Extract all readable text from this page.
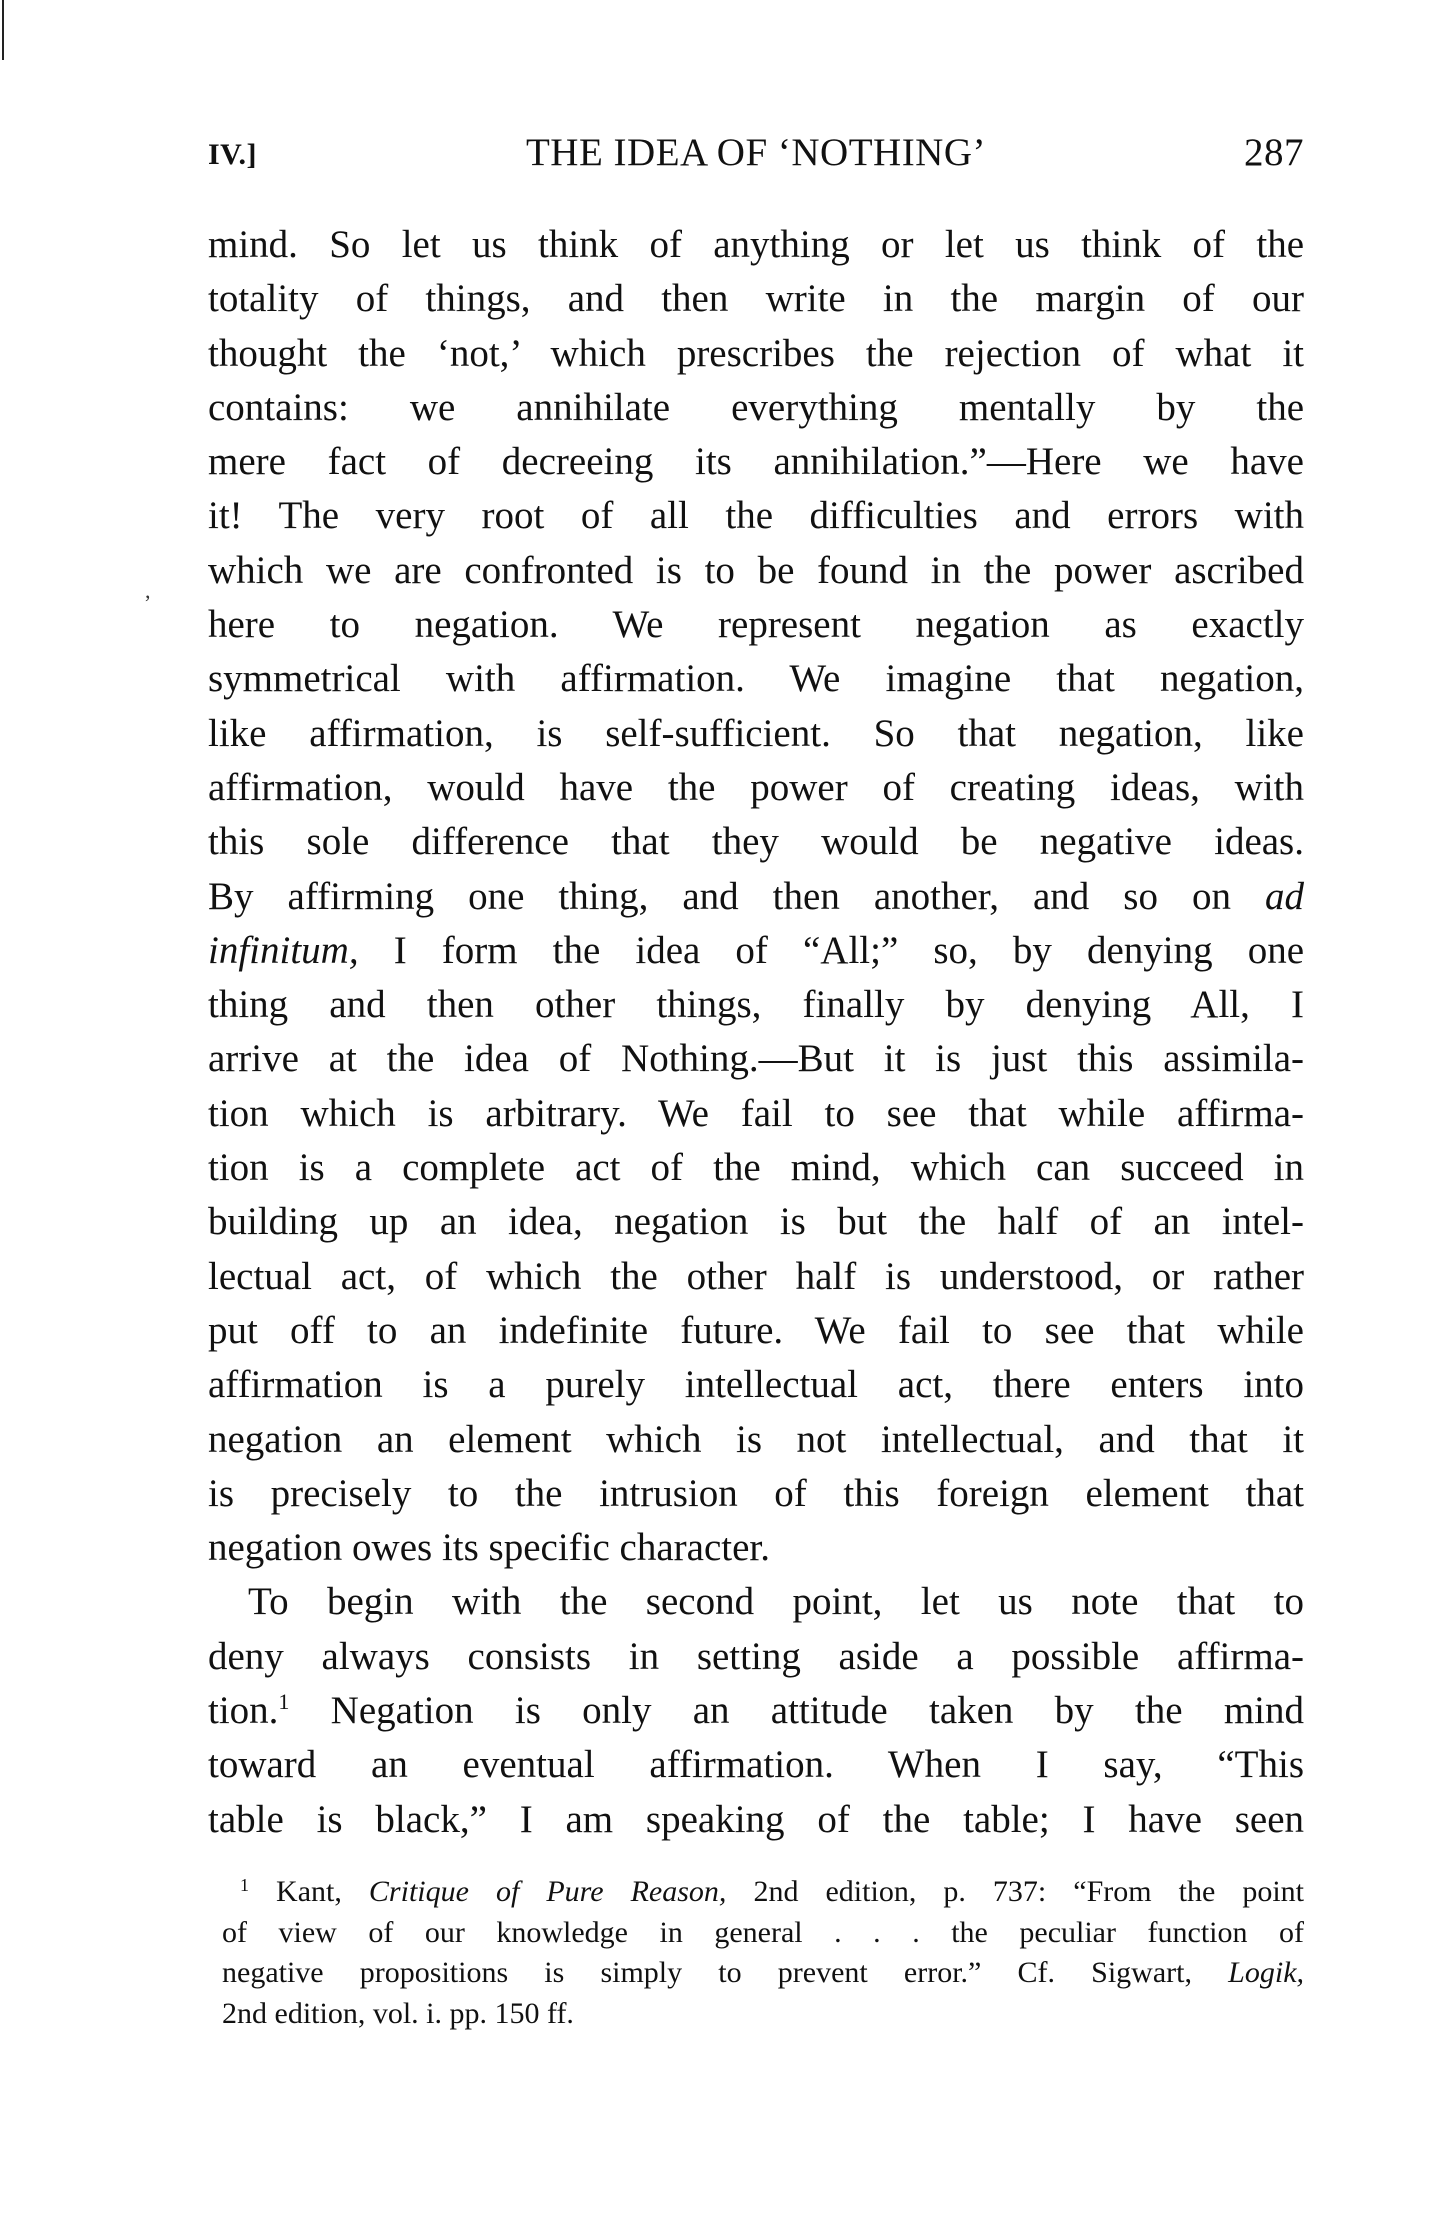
IV.]	THE IDEA OF ‘NOTHING’	287
,
mind. So let us think of anything or let us think of the
totality of things, and then write in the margin of our
thought the ‘not,’ which prescribes the rejection of what it
contains: we annihilate everything mentally by the
mere fact of decreeing its annihilation.”—Here we have
it! The very root of all the difficulties and errors with
which we are confronted is to be found in the power ascribed
here to negation. We represent negation as exactly
symmetrical with affirmation. We imagine that negation,
like affirmation, is self-sufficient. So that negation, like
affirmation, would have the power of creating ideas, with
this sole difference that they would be negative ideas.
By affirming one thing, and then another, and so on ad
infinitum, I form the idea of “All;” so, by denying one
thing and then other things, finally by denying All, I
arrive at the idea of Nothing.—But it is just this assimila-
tion which is arbitrary. We fail to see that while affirma-
tion is a complete act of the mind, which can succeed in
building up an idea, negation is but the half of an intel-
lectual act, of which the other half is understood, or rather
put off to an indefinite future. We fail to see that while
affirmation is a purely intellectual act, there enters into
negation an element which is not intellectual, and that it
is precisely to the intrusion of this foreign element that
negation owes its specific character.
To begin with the second point, let us note that to
deny always consists in setting aside a possible affirma-
tion.$^1$ Negation is only an attitude taken by the mind
toward an eventual affirmation. When I say, “This
table is black,” I am speaking of the table; I have seen
$^1$ Kant, Critique of Pure Reason, 2nd edition, p. 737: “From the point
of view of our knowledge in general . . . the peculiar function of
negative propositions is simply to prevent error.” Cf. Sigwart, Logik,
2nd edition, vol. i. pp. 150 ff.
